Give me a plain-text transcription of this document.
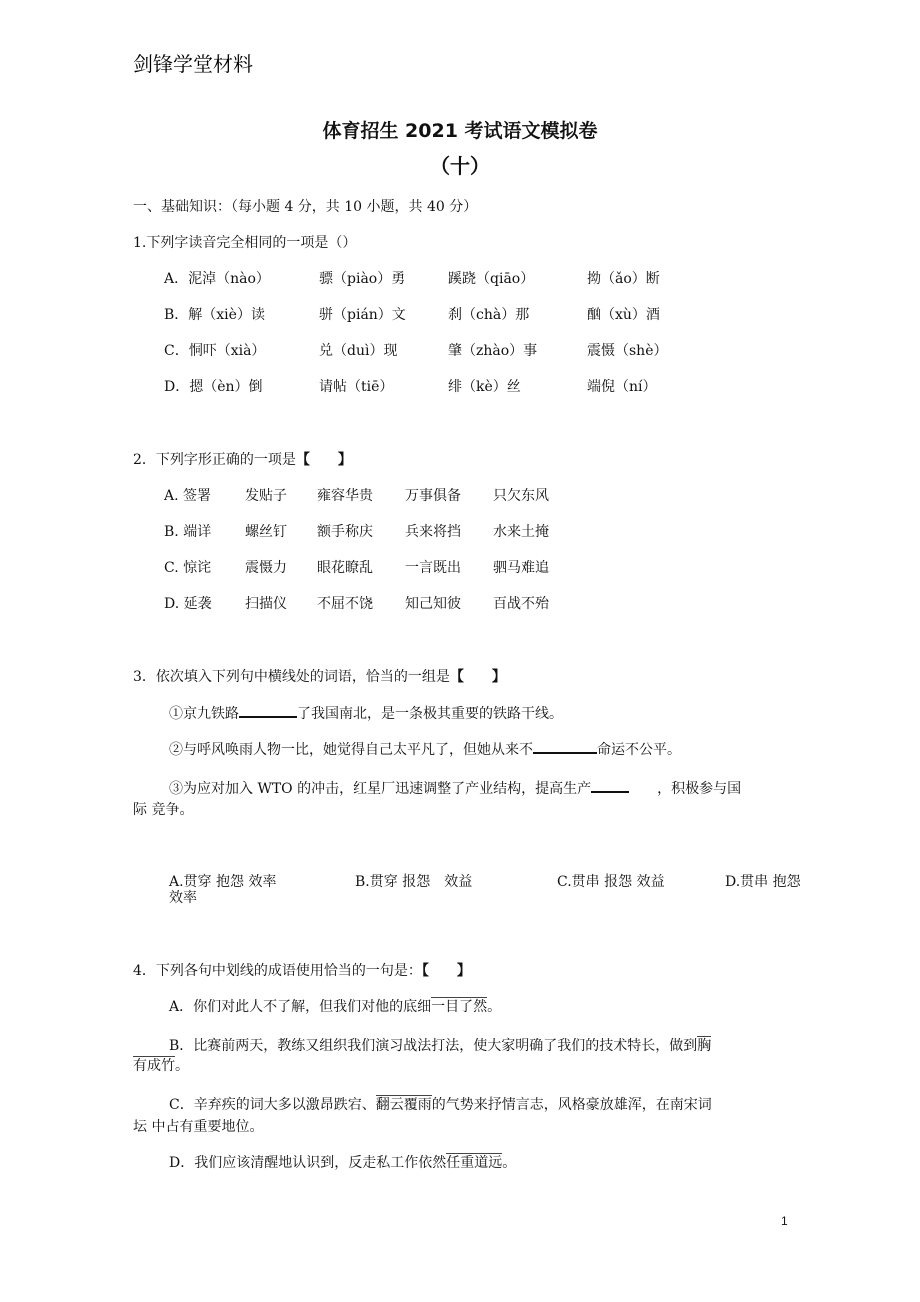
剑锋学堂材料
体育招生 2021 考试语文模拟卷
（十）
一、基础知识：（每小题 4 分，共 10 小题，共 40 分）
1.下列字读音完全相同的一项是（）
A．泥淖（nào）	骠（piào）勇	蹊跷（qiāo）	拗（ǎo）断
B．解（xiè）读	骈（pián）文	刹（chà）那	酗（xù）酒
C．恫吓（xià）	兑（duì）现	肇（zhào）事	震慑（shè）
D．摁（èn）倒	请帖（tiē）	绯（kè）丝	端倪（ní）
2．下列字形正确的一项是【　　】
A. 签署 发贴子 雍容华贵 万事俱备 只欠东风
B. 端详 螺丝钉 额手称庆 兵来将挡 水来土掩
C. 惊诧 震慑力 眼花瞭乱 一言既出 驷马难追
D. 延袭 扫描仪 不屈不饶 知己知彼 百战不殆
3．依次填入下列句中横线处的词语，恰当的一组是【　　】
①京九铁路	了我国南北，是一条极其重要的铁路干线。
②与呼风唤雨人物一比，她觉得自己太平凡了，但她从来不	命运不公平。
③为应对加入 WTO 的冲击，红星厂迅速调整了产业结构，提高生产	，积极参与国
际 竞争。
A.贯穿 抱怨 效率	B.贯穿 报怨　效益	C.贯串 报怨 效益	D.贯串 抱怨
效率
4．下列各句中划线的成语使用恰当的一句是：【　　】
A．你们对此人不了解，但我们对他的底细一目了然。
B．比赛前两天，教练又组织我们演习战法打法，使大家明确了我们的技术特长，做到胸
有成竹。
C．辛弃疾的词大多以激昂跌宕、翻云覆雨的气势来抒情言志，风格豪放雄浑，在南宋词
坛 中占有重要地位。
D．我们应该清醒地认识到，反走私工作依然任重道远。
1
